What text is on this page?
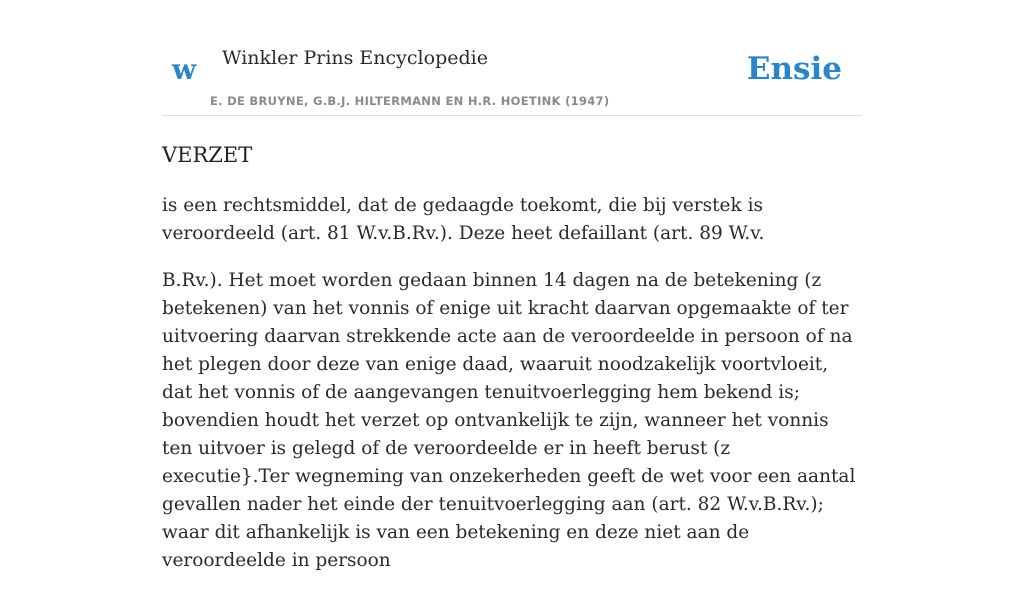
w Winkler Prins Encyclopedie	Ensie
E. DE BRUYNE, G.B.J. HILTERMANN EN H.R. HOETINK (1947)
VERZET

is een rechtsmiddel, dat de gedaagde toekomt, die bij verstek is veroordeeld (art. 81 W.v.B.Rv.). Deze heet defaillant (art. 89 W.v.

B.Rv.). Het moet worden gedaan binnen 14 dagen na de betekening (z betekenen) van het vonnis of enige uit kracht daarvan opgemaakte of ter uitvoering daarvan strekkende acte aan de veroordeelde in persoon of na het plegen door deze van enige daad, waaruit noodzakelijk voortvloeit, dat het vonnis of de aangevangen tenuitvoerlegging hem bekend is; bovendien houdt het verzet op ontvankelijk te zijn, wanneer het vonnis ten uitvoer is gelegd of de veroordeelde er in heeft berust (z executie}.Ter wegneming van onzekerheden geeft de wet voor een aantal gevallen nader het einde der tenuitvoerlegging aan (art. 82 W.v.B.Rv.); waar dit afhankelijk is van een betekening en deze niet aan de veroordeelde in persoon
